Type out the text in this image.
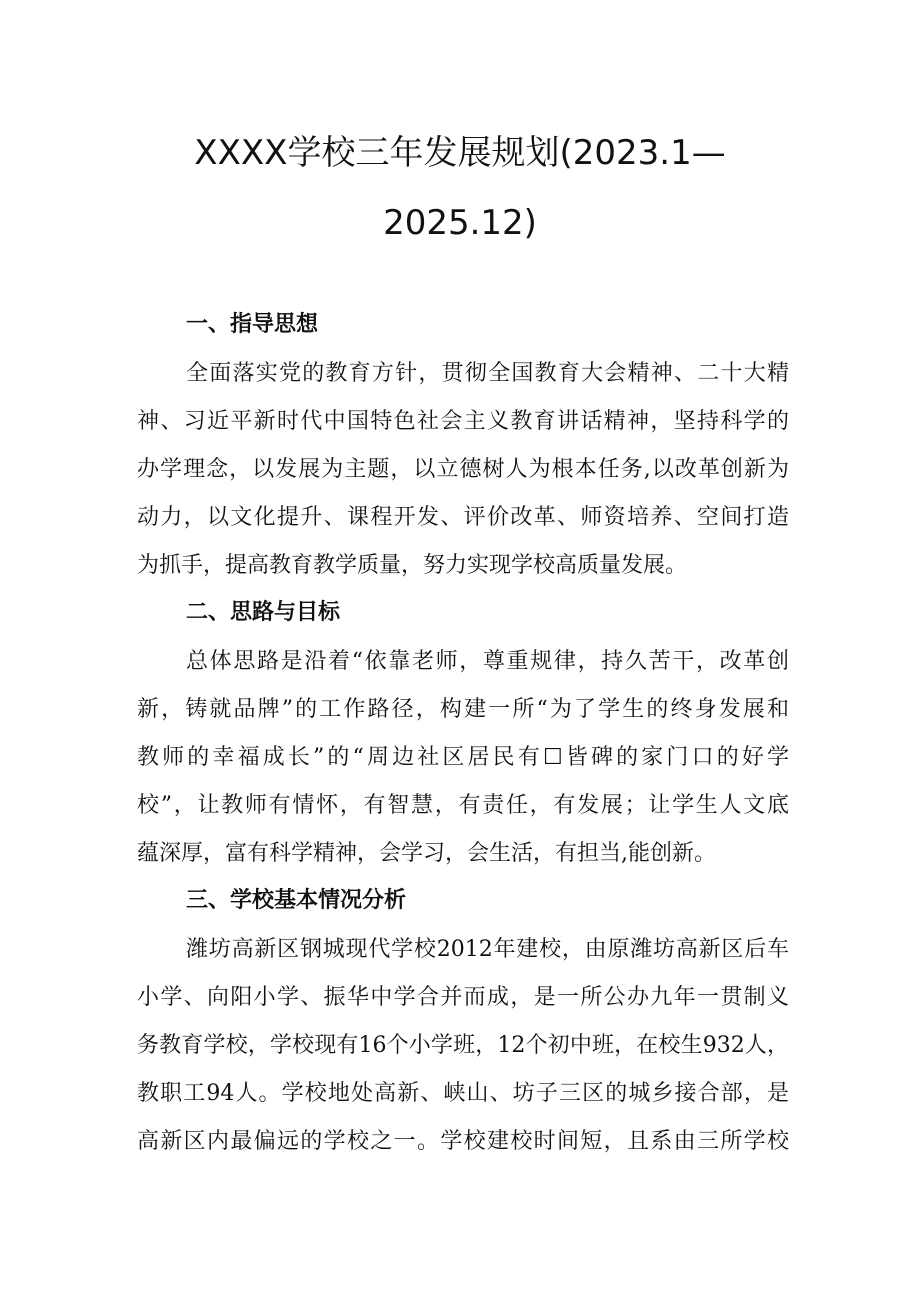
XXXX学校三年发展规划(2023.1—
2025.12)
一、指导思想
全面落实党的教育方针，贯彻全国教育大会精神、二十大精
神、习近平新时代中国特色社会主义教育讲话精神，坚持科学的
办学理念，以发展为主题，以立德树人为根本任务,以改革创新为
动力，以文化提升、课程开发、评价改革、师资培养、空间打造
为抓手，提高教育教学质量，努力实现学校高质量发展。
二、思路与目标
总体思路是沿着“依靠老师，尊重规律，持久苦干，改革创
新，铸就品牌”的工作路径，构建一所“为了学生的终身发展和
教师的幸福成长”的“周边社区居民有☐皆碑的家门口的好学
校”，让教师有情怀，有智慧，有责任，有发展；让学生人文底
蕴深厚，富有科学精神，会学习，会生活，有担当,能创新。
三、学校基本情况分析
潍坊高新区钢城现代学校2012年建校，由原潍坊高新区后车
小学、向阳小学、振华中学合并而成，是一所公办九年一贯制义
务教育学校，学校现有16个小学班，12个初中班，在校生932人，
教职工94人。学校地处高新、峡山、坊子三区的城乡接合部，是
高新区内最偏远的学校之一。学校建校时间短，且系由三所学校
